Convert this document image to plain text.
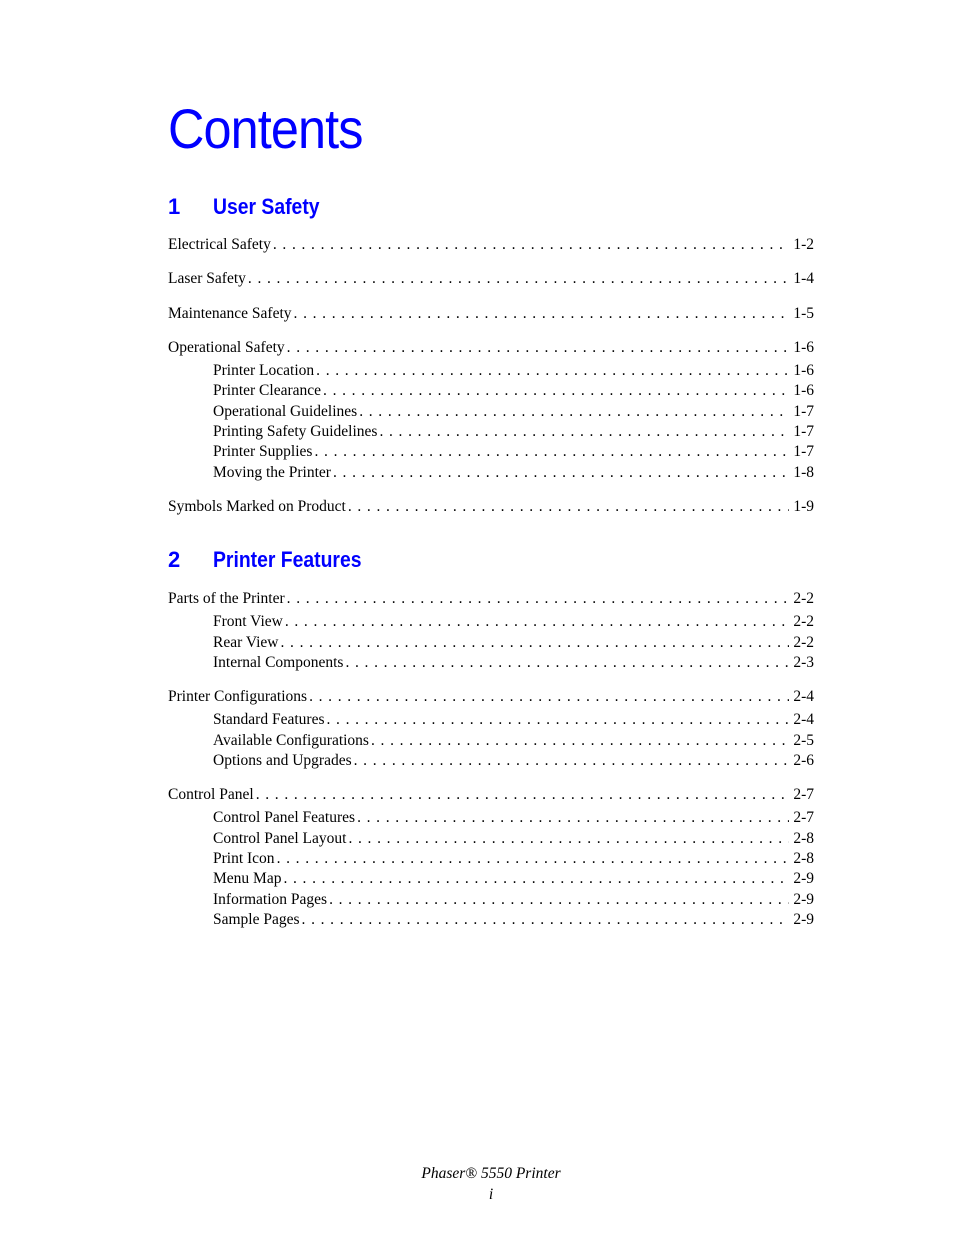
Contents
1 User Safety
Electrical Safety . . .	1-2
Laser Safety . . .	1-4
Maintenance Safety . . .	1-5
Operational Safety . . .	1-6
Printer Location . . .	1-6
Printer Clearance . . .	1-6
Operational Guidelines . . .	1-7
Printing Safety Guidelines . . .	1-7
Printer Supplies . . .	1-7
Moving the Printer . . .	1-8
Symbols Marked on Product . . .	1-9
2 Printer Features
Parts of the Printer . . .	2-2
Front View . . .	2-2
Rear View . . .	2-2
Internal Components . . .	2-3
Printer Configurations . . .	2-4
Standard Features . . .	2-4
Available Configurations . . .	2-5
Options and Upgrades . . .	2-6
Control Panel . . .	2-7
Control Panel Features . . .	2-7
Control Panel Layout . . .	2-8
Print Icon . . .	2-8
Menu Map . . .	2-9
Information Pages . . .	2-9
Sample Pages . . .	2-9
Phaser® 5550 Printer
i
